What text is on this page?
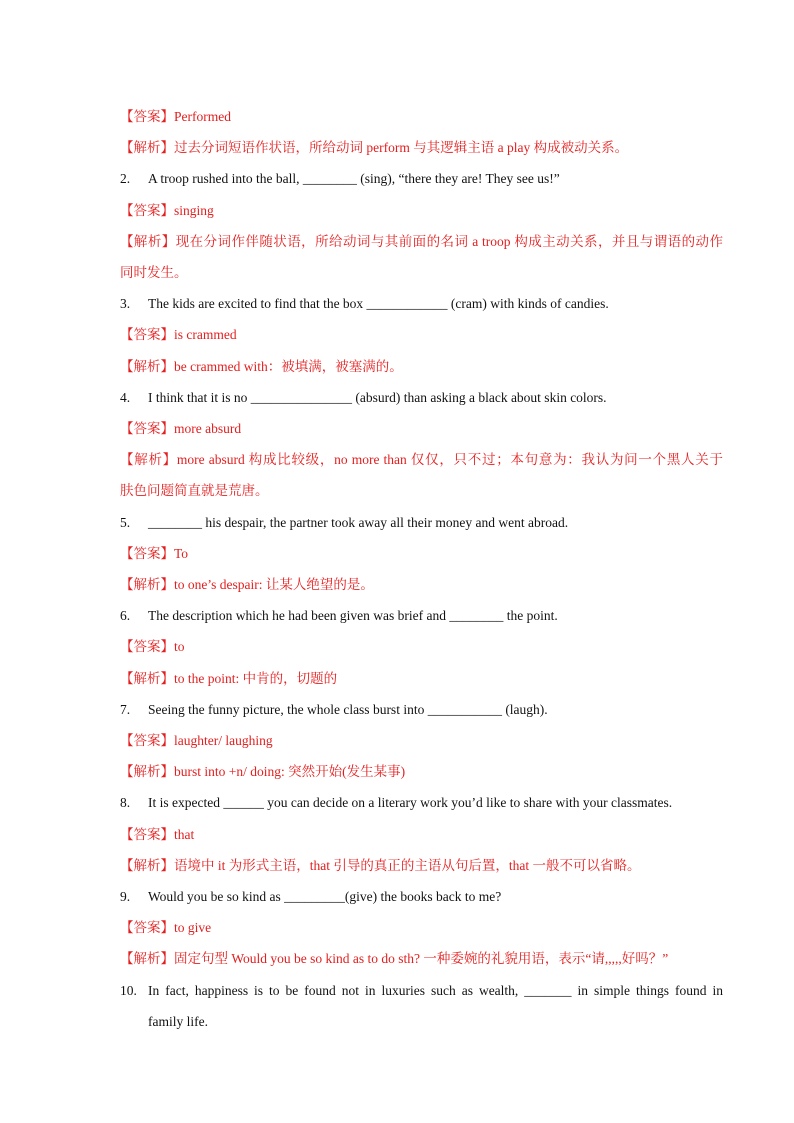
【答案】Performed
【解析】过去分词短语作状语，所给动词 perform 与其逻辑主语 a play 构成被动关系。
2.	A troop rushed into the ball, ________ (sing), “there they are! They see us!”
【答案】singing
【解析】现在分词作伴随状语，所给动词与其前面的名词 a troop 构成主动关系，并且与谓语的动作
同时发生。
3.	The kids are excited to find that the box ____________ (cram) with kinds of candies.
【答案】is crammed
【解析】be crammed with：被填满，被塞满的。
4.	I think that it is no _______________ (absurd) than asking a black about skin colors.
【答案】more absurd
【解析】more absurd 构成比较级，no more than 仅仅，只不过；本句意为：我认为问一个黑人关于
肤色问题简直就是荒唐。
5.	________ his despair, the partner took away all their money and went abroad.
【答案】To
【解析】to one’s despair: 让某人绝望的是。
6.	The description which he had been given was brief and ________ the point.
【答案】to
【解析】to the point: 中肯的，切题的
7.	Seeing the funny picture, the whole class burst into ___________ (laugh).
【答案】laughter/ laughing
【解析】burst into +n/ doing: 突然开始(发生某事)
8.	It is expected ______ you can decide on a literary work you’d like to share with your classmates.
【答案】that
【解析】语境中 it 为形式主语，that 引导的真正的主语从句后置，that 一般不可以省略。
9.	Would you be so kind as _________(give) the books back to me?
【答案】to give
【解析】固定句型 Would you be so kind as to do sth? 一种委婉的礼貌用语，表示“请,,,,,好吗？”
10. In fact, happiness is to be found not in luxuries such as wealth, _______ in simple things found in
family life.
